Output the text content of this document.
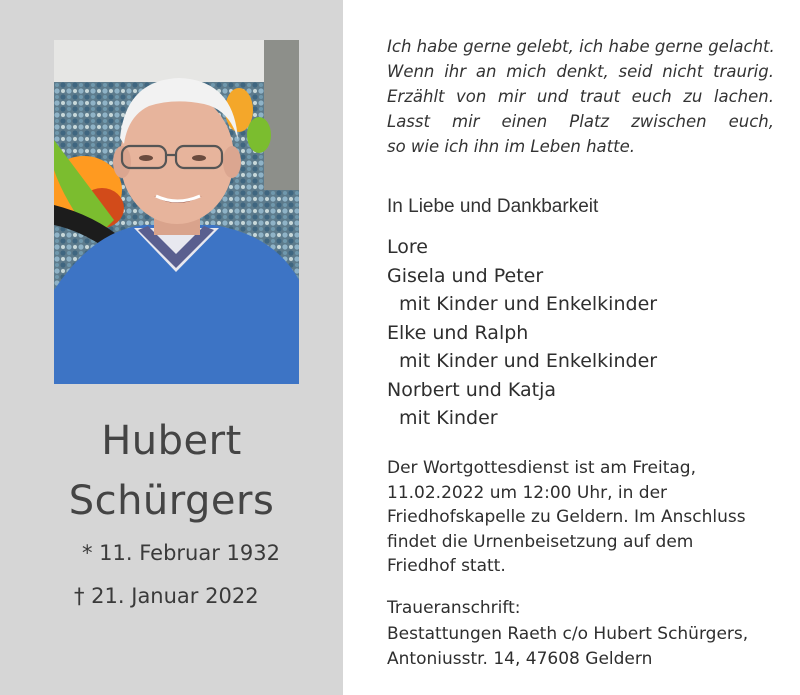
Hubert
Schürgers
* 11. Februar 1932
† 21. Januar 2022
Ich habe gerne gelebt, ich habe gerne gelacht.
Wenn ihr an mich denkt, seid nicht traurig.
Erzählt von mir und traut euch zu lachen.
Lasst mir einen Platz zwischen euch,
so wie ich ihn im Leben hatte.
In Liebe und Dankbarkeit
Lore
Gisela und Peter
mit Kinder und Enkelkinder
Elke und Ralph
mit Kinder und Enkelkinder
Norbert und Katja
mit Kinder
Der Wortgottesdienst ist am Freitag,
11.02.2022 um 12:00 Uhr, in der
Friedhofskapelle zu Geldern. Im Anschluss
findet die Urnenbeisetzung auf dem
Friedhof statt.
Traueranschrift:
Bestattungen Raeth c/o Hubert Schürgers,
Antoniusstr. 14, 47608 Geldern
